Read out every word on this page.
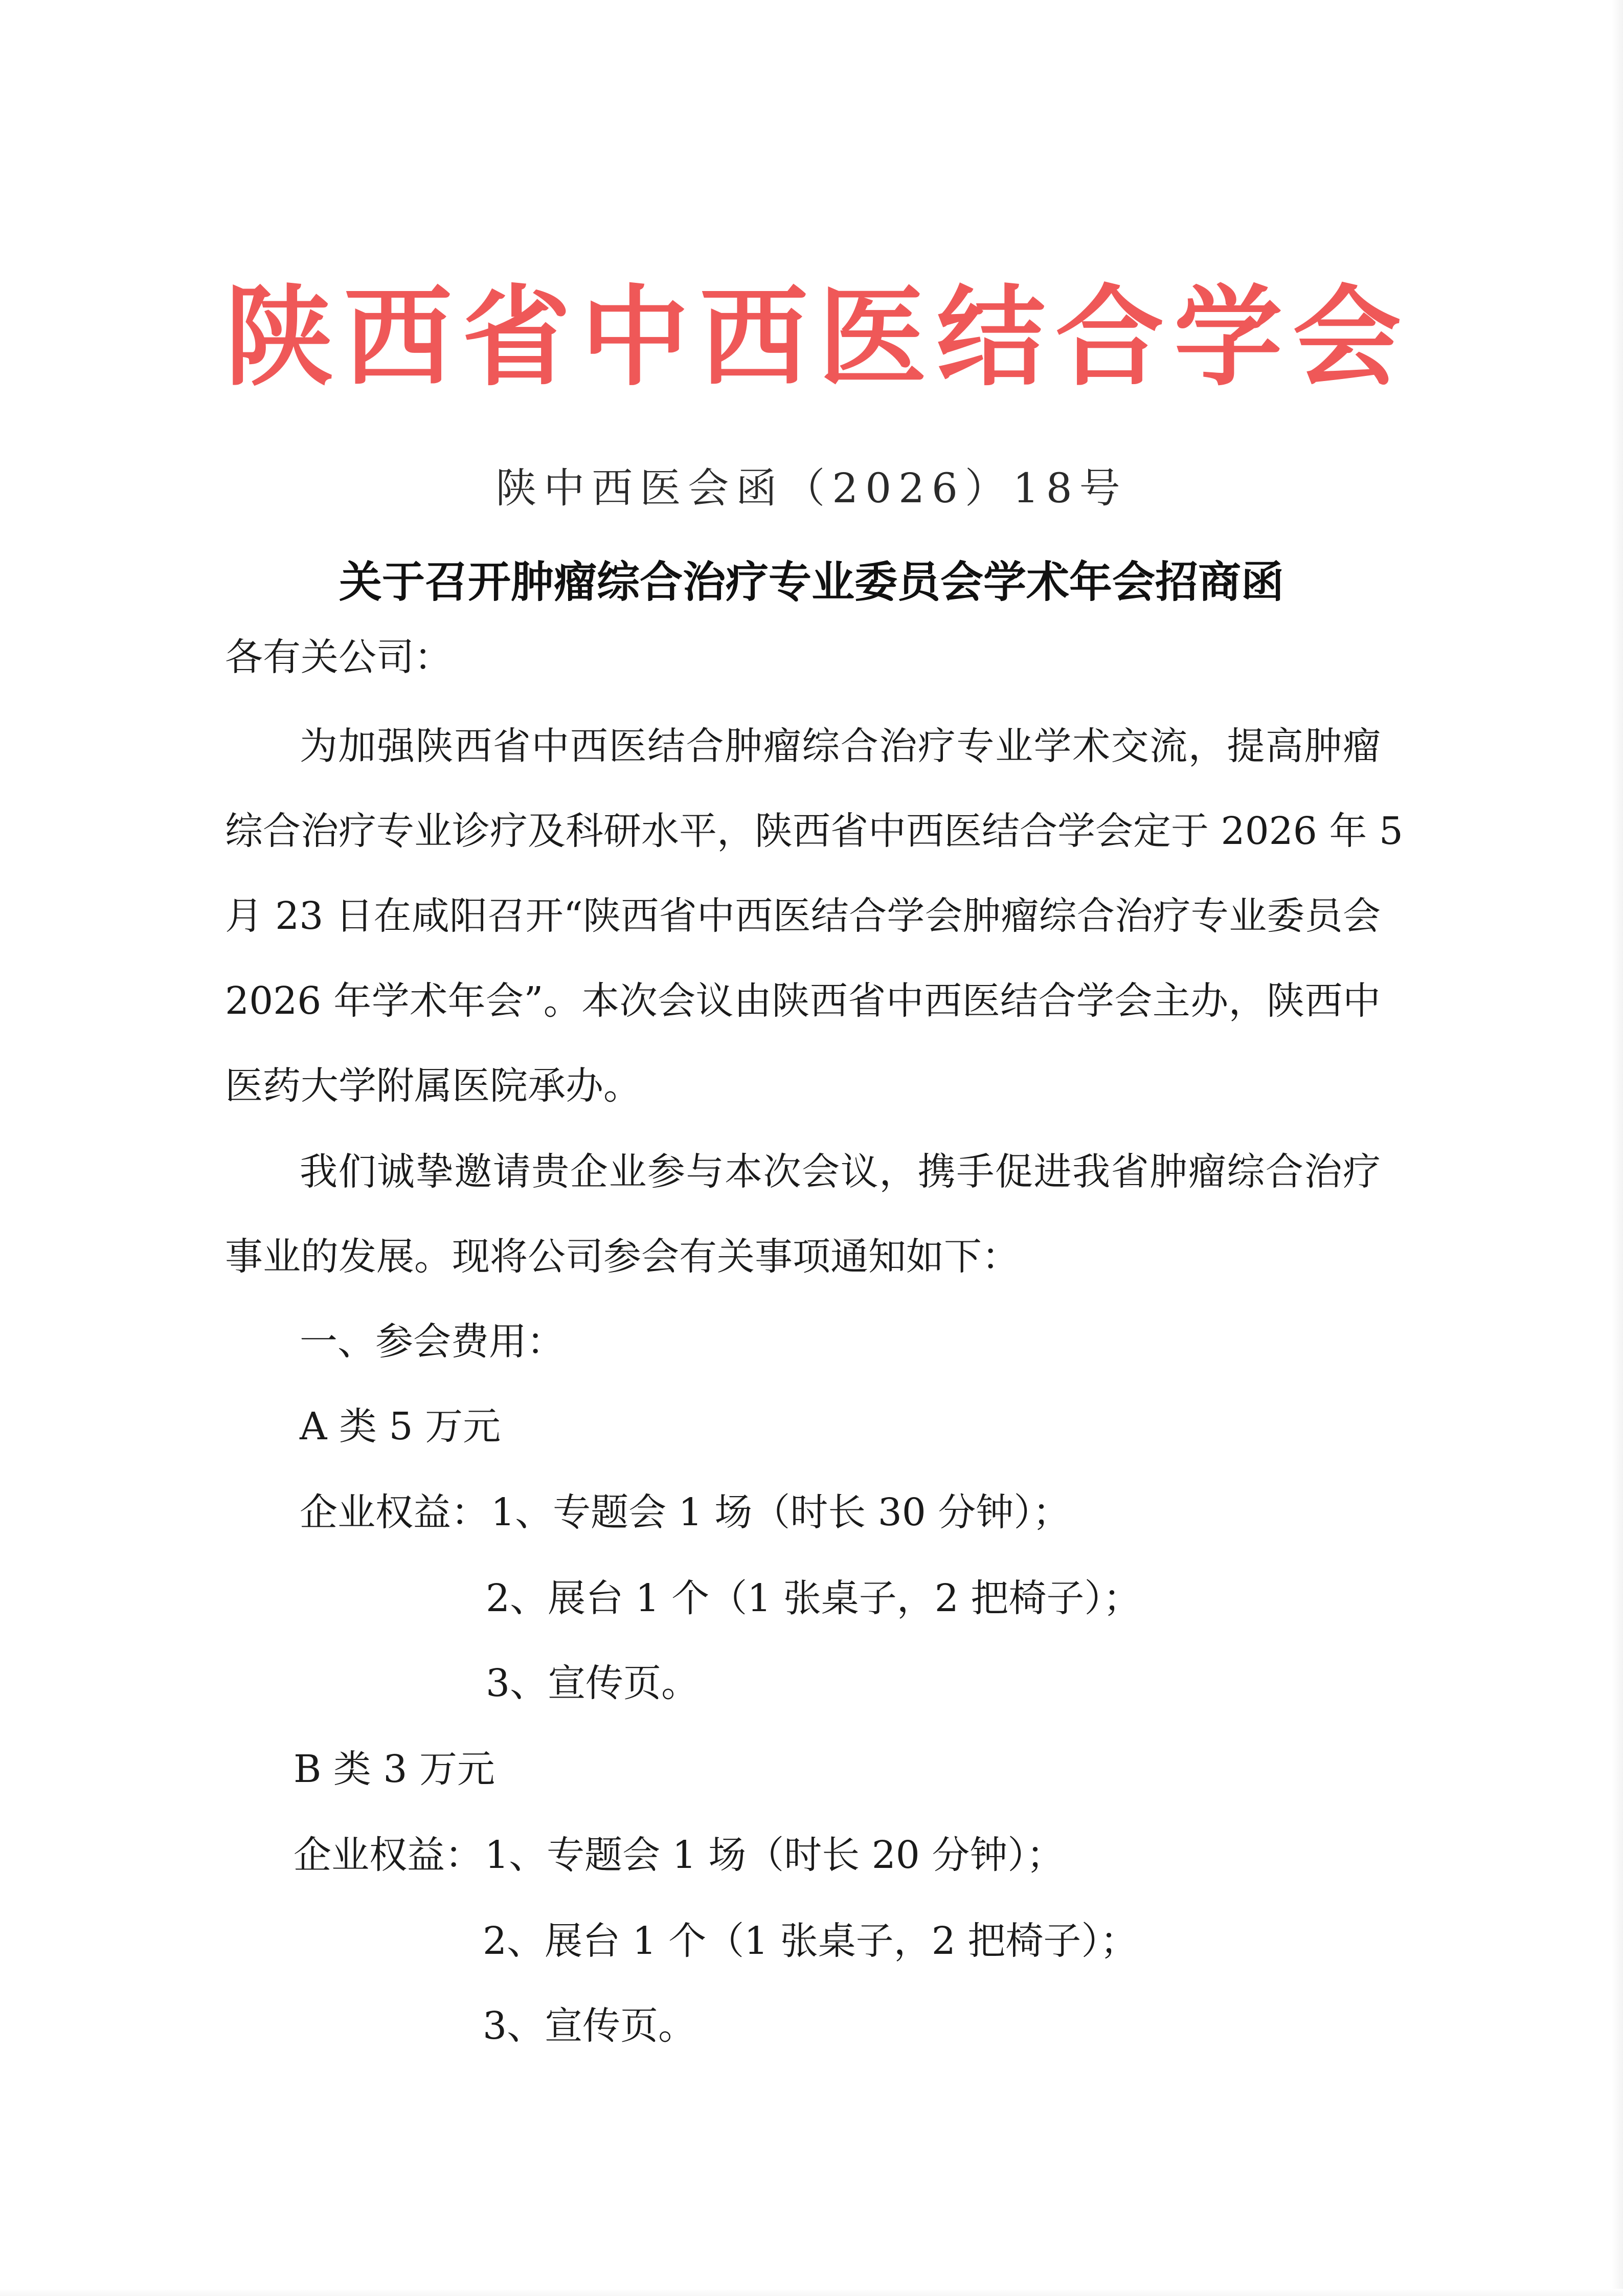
陕 西 省 中 西 医 结 合 学 会
陕中西医会函（2026）18号
关于召开肿瘤综合治疗专业委员会学术年会招商函
各有关公司：
为加强陕西省中西医结合肿瘤综合治疗专业学术交流，提高肿瘤
综合治疗专业诊疗及科研水平，陕西省中西医结合学会定于 2026 年 5
月 23 日在咸阳召开“陕西省中西医结合学会肿瘤综合治疗专业委员会
2026 年学术年会”。本次会议由陕西省中西医结合学会主办，陕西中
医药大学附属医院承办。
我们诚挚邀请贵企业参与本次会议，携手促进我省肿瘤综合治疗
事业的发展。现将公司参会有关事项通知如下：
一、参会费用：
A 类 5 万元
企业权益： 1、专题会 1 场（时长 30 分钟）；
2、展台 1 个（1 张桌子，2 把椅子）；
3、宣传页。
B 类 3 万元
企业权益： 1、专题会 1 场（时长 20 分钟）；
2、展台 1 个（1 张桌子，2 把椅子）；
3、宣传页。
